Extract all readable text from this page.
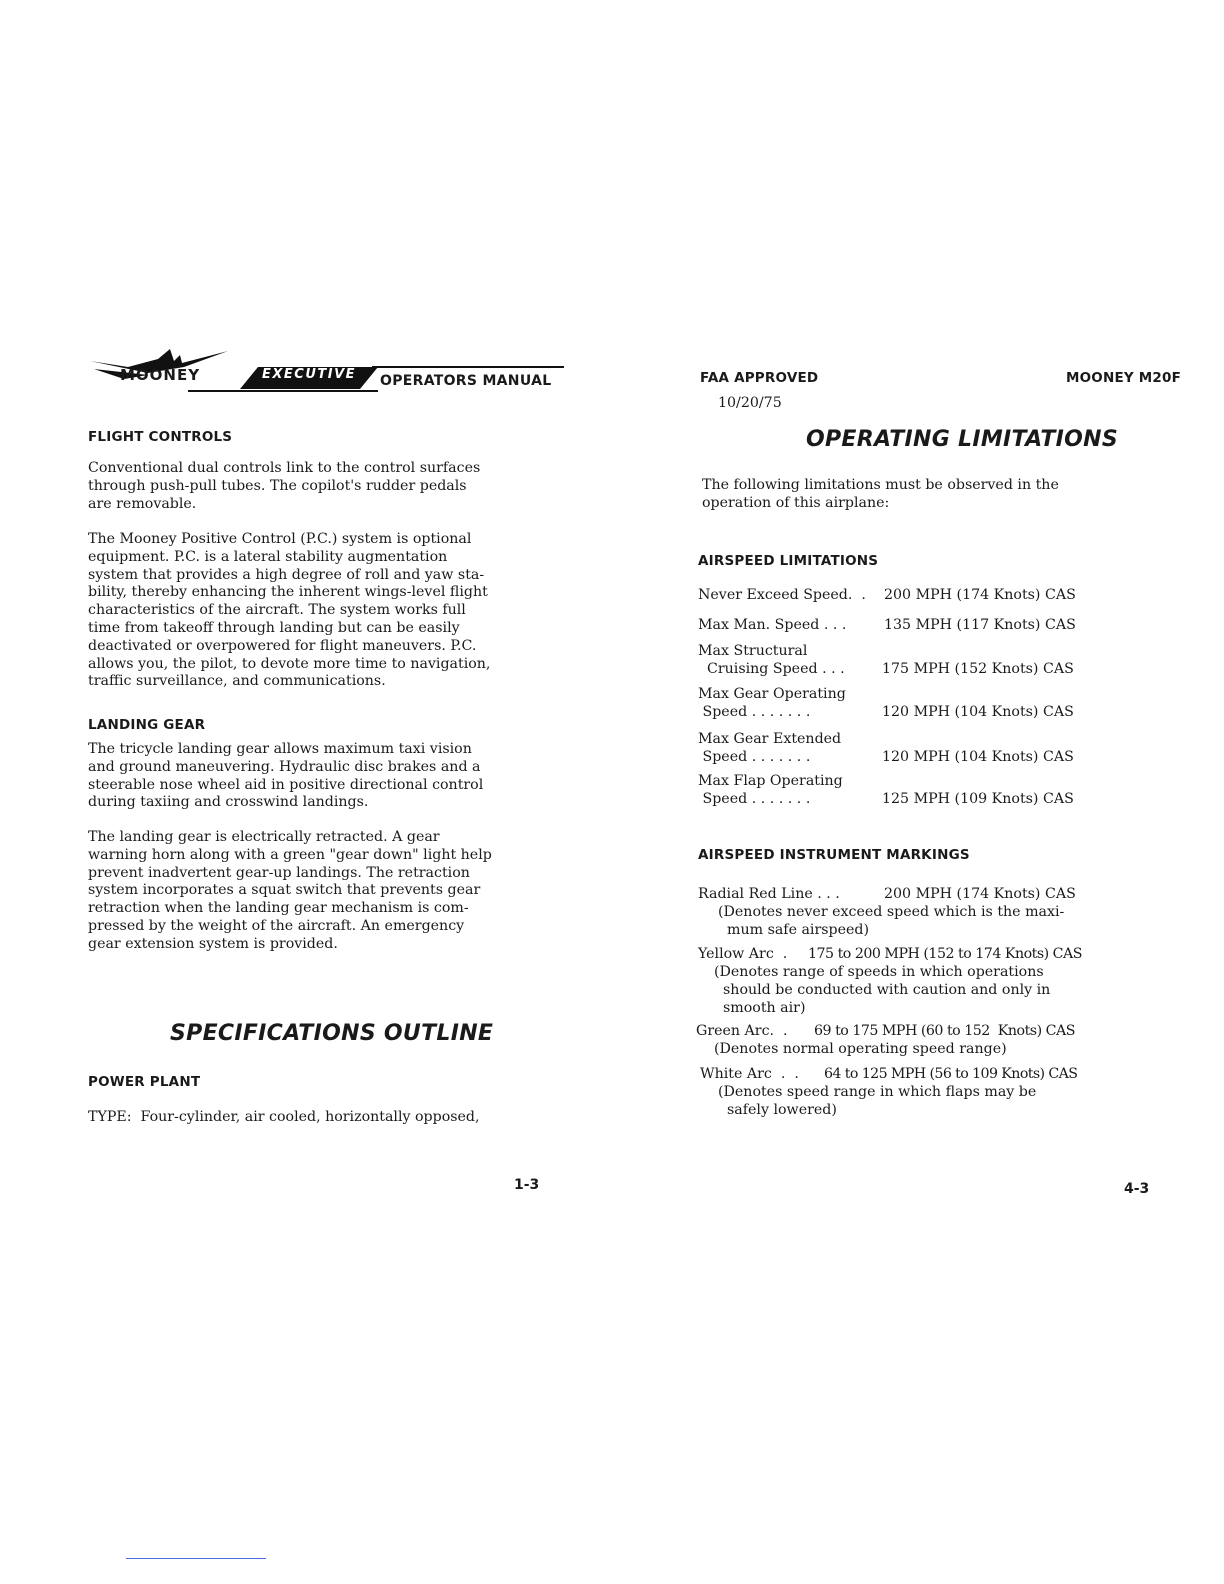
MOONEY	EXECUTIVE OPERATORS MANUAL
FLIGHT CONTROLS

Conventional dual controls link to the control surfaces

through push-pull tubes. The copilot's rudder pedals

are removable.

The Mooney Positive Control (P.C.) system is optional

equipment. P.C. is a lateral stability augmentation

system that provides a high degree of roll and yaw sta-

bility, thereby enhancing the inherent wings-level flight

characteristics of the aircraft. The system works full

time from takeoff through landing but can be easily

deactivated or overpowered for flight maneuvers. P.C.

allows you, the pilot, to devote more time to navigation,

traffic surveillance, and communications.

LANDING GEAR

The tricycle landing gear allows maximum taxi vision

and ground maneuvering. Hydraulic disc brakes and a

steerable nose wheel aid in positive directional control

during taxiing and crosswind landings.

The landing gear is electrically retracted. A gear

warning horn along with a green "gear down" light help

prevent inadvertent gear-up landings. The retraction

system incorporates a squat switch that prevents gear

retraction when the landing gear mechanism is com-

pressed by the weight of the aircraft. An emergency

gear extension system is provided.

SPECIFICATIONS OUTLINE
POWER PLANT
TYPE:  Four-cylinder, air cooled, horizontally opposed,
1-3
FAA APPROVED
10/20/75
MOONEY M20F
OPERATING LIMITATIONS

The following limitations must be observed in the

operation of this airplane:

AIRSPEED LIMITATIONS
Never Exceed Speed.  . 200 MPH (174 Knots) CAS
Max Man. Speed . . .	135 MPH (117 Knots) CAS
Max Structural
Cruising Speed . . .	175 MPH (152 Knots) CAS
Max Gear Operating
Speed . . . . . . .	120 MPH (104 Knots) CAS
Max Gear Extended
Speed . . . . . . .	120 MPH (104 Knots) CAS
Max Flap Operating
Speed . . . . . . .	125 MPH (109 Knots) CAS
AIRSPEED INSTRUMENT MARKINGS
Radial Red Line . . .	200 MPH (174 Knots) CAS
(Denotes never exceed speed which is the maxi-
mum safe airspeed)
Yellow Arc  . 175 to 200 MPH (152 to 174 Knots) CAS
(Denotes range of speeds in which operations
should be conducted with caution and only in
smooth air)
Green Arc.  . 69 to 175 MPH (60 to 152  Knots) CAS
(Denotes normal operating speed range)
White Arc  .  . 64 to 125 MPH (56 to 109 Knots) CAS
(Denotes speed range in which flaps may be
safely lowered)
4-3
